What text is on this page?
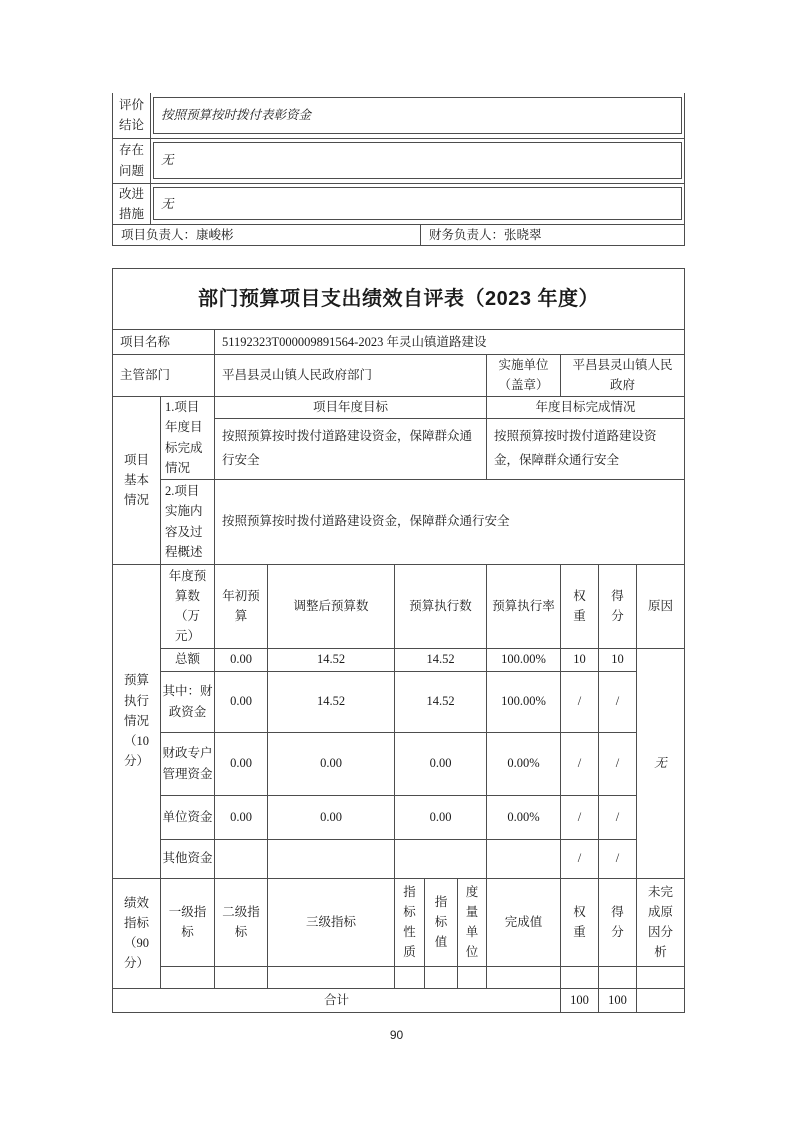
评价结论	按照预算按时拨付表彰资金	

存在问题	无	

改进措施	无	

项目负责人：康峻彬		财务负责人：张晓翠
部门预算项目支出绩效自评表（2023 年度）										
项目名称		51192323T000009891564-2023 年灵山镇道路建设								
主管部门		平昌县灵山镇人民政府部门					实施单位（盖章）	平昌县灵山镇人民政府		
项目基本情况	1.项目年度目标完成情况	项目年度目标					年度目标完成情况			
		按照预算按时拨付道路建设资金，保障群众通行安全					按照预算按时拨付道路建设资金，保障群众通行安全			
	2.项目实施内容及过程概述	按照预算按时拨付道路建设资金，保障群众通行安全								
预算执行情况（10分）	年度预算数（万元）	年初预算	调整后预算数	预算执行数			预算执行率	权重	得分	原因
	总额	0.00	14.52	14.52			100.00%	10	10	无
	其中：财政资金	0.00	14.52	14.52			100.00%	/	/	
	财政专户管理资金	0.00	0.00	0.00			0.00%	/	/	
	单位资金	0.00	0.00	0.00			0.00%	/	/	
	其他资金							/	/	
绩效指标（90分）	一级指标	二级指标	三级指标	指标性质	指标值	度量单位	完成值	权重	得分	未完成原因分析

合计								100	100	
90
